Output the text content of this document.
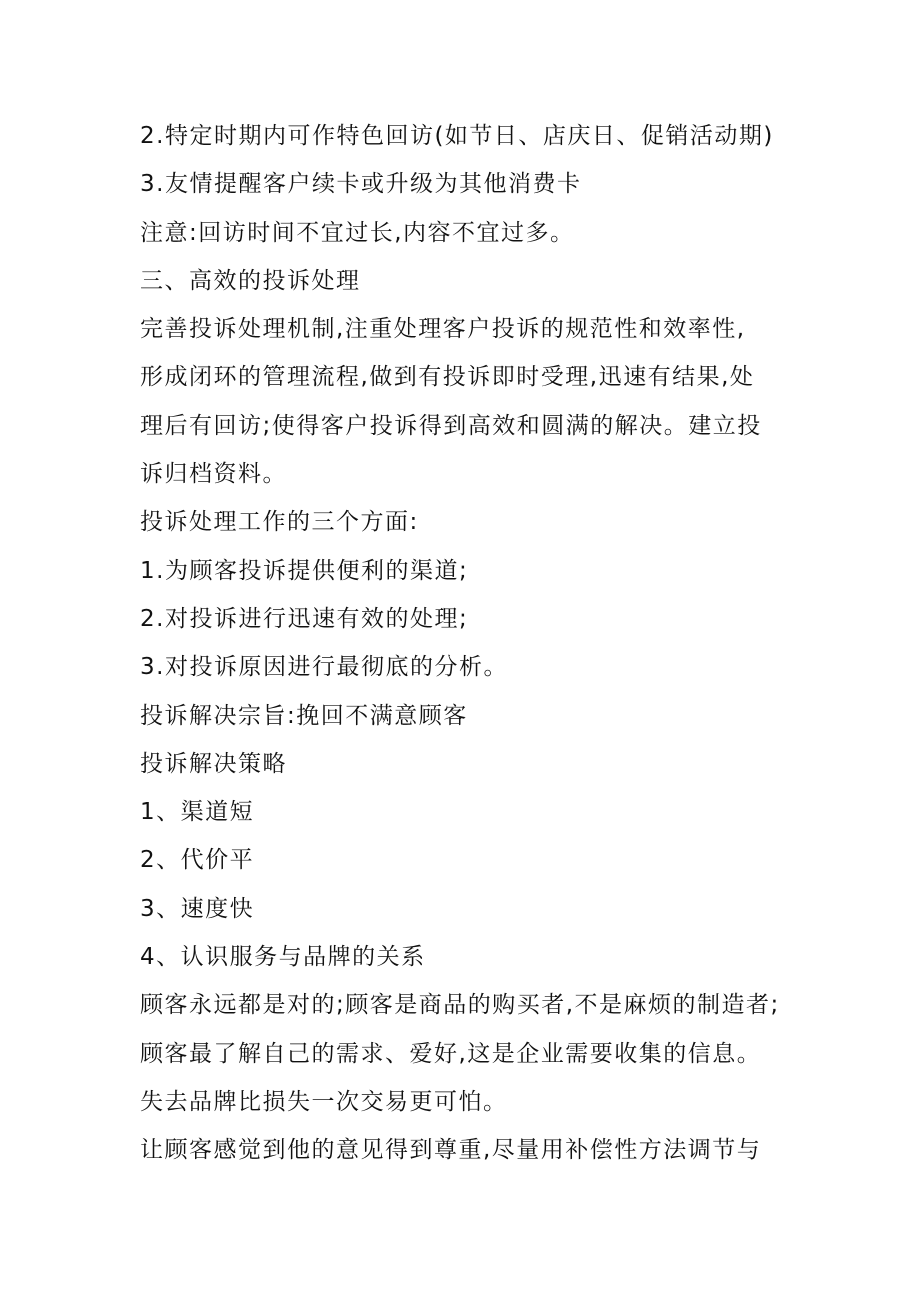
2.特定时期内可作特色回访(如节日、店庆日、促销活动期)
3.友情提醒客户续卡或升级为其他消费卡
注意:回访时间不宜过长,内容不宜过多。
三、高效的投诉处理
完善投诉处理机制,注重处理客户投诉的规范性和效率性,
形成闭环的管理流程,做到有投诉即时受理,迅速有结果,处
理后有回访;使得客户投诉得到高效和圆满的解决。建立投
诉归档资料。
投诉处理工作的三个方面:
1.为顾客投诉提供便利的渠道;
2.对投诉进行迅速有效的处理;
3.对投诉原因进行最彻底的分析。
投诉解决宗旨:挽回不满意顾客
投诉解决策略
1、渠道短
2、代价平
3、速度快
4、认识服务与品牌的关系
顾客永远都是对的;顾客是商品的购买者,不是麻烦的制造者;
顾客最了解自己的需求、爱好,这是企业需要收集的信息。
失去品牌比损失一次交易更可怕。
让顾客感觉到他的意见得到尊重,尽量用补偿性方法调节与
